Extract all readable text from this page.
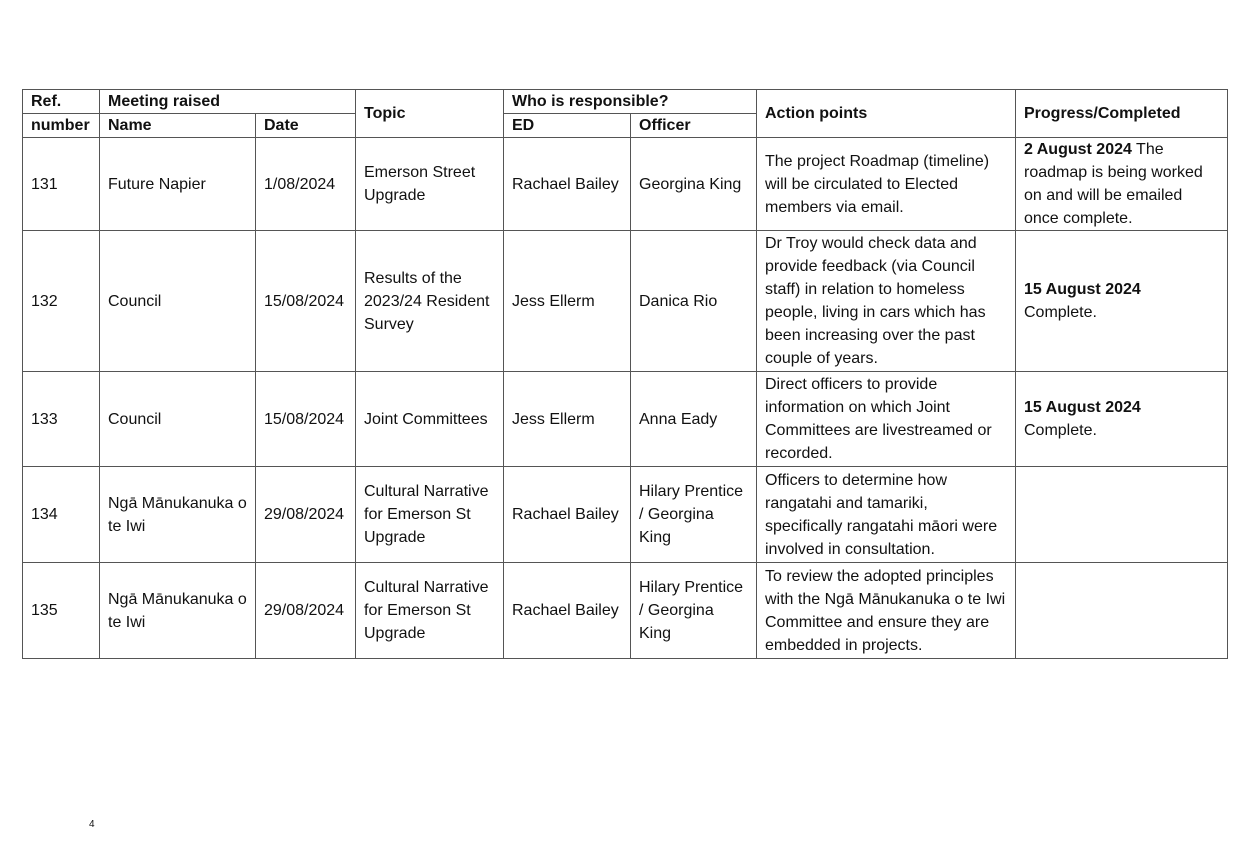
Ref.	Meeting raised		Topic	Who is responsible?		Action points	Progress/Completed
number	Name	Date		ED	Officer		
131	Future Napier	1/08/2024	Emerson Street Upgrade	Rachael Bailey	Georgina King	The project Roadmap (timeline) will be circulated to Elected members via email.	2 August 2024 The roadmap is being worked on and will be emailed once complete.
132	Council	15/08/2024	Results of the 2023/24 Resident Survey	Jess Ellerm	Danica Rio	Dr Troy would check data and provide feedback (via Council staff) in relation to homeless people, living in cars which has been increasing over the past couple of years.	15 August 2024
Complete.

133	Council	15/08/2024	Joint Committees	Jess Ellerm	Anna Eady	Direct officers to provide information on which Joint Committees are livestreamed or recorded.	15 August 2024
Complete.

134	Ngā Mānukanuka o te Iwi	29/08/2024	Cultural Narrative for Emerson St Upgrade	Rachael Bailey	Hilary Prentice / Georgina King	Officers to determine how rangatahi and tamariki, specifically rangatahi māori were involved in consultation.	

135	Ngā Mānukanuka o te Iwi	29/08/2024	Cultural Narrative for Emerson St Upgrade	Rachael Bailey	Hilary Prentice / Georgina King	To review the adopted principles with the Ngā Mānukanuka o te Iwi Committee and ensure they are embedded in projects.	
4
